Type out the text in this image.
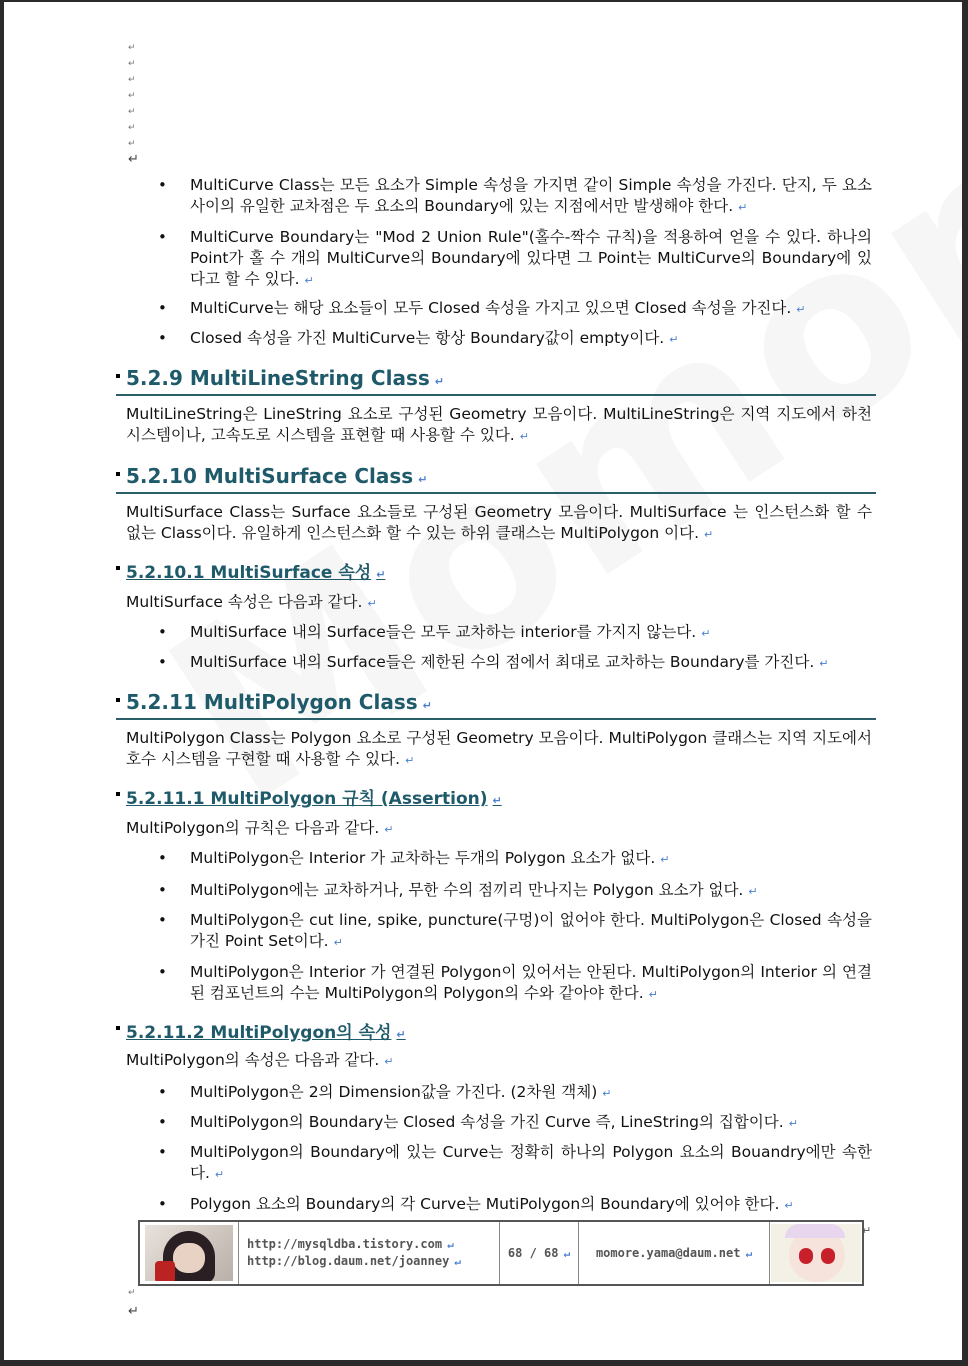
↵
↵
↵
↵
↵
↵
↵
↵
• MultiCurve Class는 모든 요소가 Simple 속성을 가지면 같이 Simple 속성을 가진다. 단지, 두 요소 사이의 유일한 교차점은 두 요소의 Boundary에 있는 지점에서만 발생해야 한다. ↵
• MultiCurve Boundary는 "Mod 2 Union Rule"(홀수-짝수 규칙)을 적용하여 얻을 수 있다. 하나의 Point가 홀 수 개의 MultiCurve의 Boundary에 있다면 그 Point는 MultiCurve의 Boundary에 있다고 할 수 있다. ↵
• MultiCurve는 해당 요소들이 모두 Closed 속성을 가지고 있으면 Closed 속성을 가진다. ↵
• Closed 속성을 가진 MultiCurve는 항상 Boundary값이 empty이다. ↵
5.2.9 MultiLineString Class ↵
MultiLineString은 LineString 요소로 구성된 Geometry 모음이다. MultiLineString은 지역 지도에서 하천 시스템이나, 고속도로 시스템을 표현할 때 사용할 수 있다. ↵
5.2.10 MultiSurface Class ↵
MultiSurface Class는 Surface 요소들로 구성된 Geometry 모음이다. MultiSurface 는 인스턴스화 할 수 없는 Class이다. 유일하게 인스턴스화 할 수 있는 하위 클래스는 MultiPolygon 이다. ↵
5.2.10.1 MultiSurface 속성 ↵
MultiSurface 속성은 다음과 같다. ↵
• MultiSurface 내의 Surface들은 모두 교차하는 interior를 가지지 않는다. ↵
• MultiSurface 내의 Surface들은 제한된 수의 점에서 최대로 교차하는 Boundary를 가진다. ↵
5.2.11 MultiPolygon Class ↵
MultiPolygon Class는 Polygon 요소로 구성된 Geometry 모음이다. MultiPolygon 클래스는 지역 지도에서 호수 시스템을 구현할 때 사용할 수 있다. ↵
5.2.11.1 MultiPolygon 규칙 (Assertion) ↵
MultiPolygon의 규칙은 다음과 같다. ↵
• MultiPolygon은 Interior 가 교차하는 두개의 Polygon 요소가 없다. ↵
• MultiPolygon에는 교차하거나, 무한 수의 점끼리 만나지는 Polygon 요소가 없다. ↵
• MultiPolygon은 cut line, spike, puncture(구멍)이 없어야 한다. MultiPolygon은 Closed 속성을 가진 Point Set이다. ↵
• MultiPolygon은 Interior 가 연결된 Polygon이 있어서는 안된다. MultiPolygon의 Interior 의 연결된 컴포넌트의 수는 MultiPolygon의 Polygon의 수와 같아야 한다. ↵
5.2.11.2 MultiPolygon의 속성 ↵
MultiPolygon의 속성은 다음과 같다. ↵
• MultiPolygon은 2의 Dimension값을 가진다. (2차원 객체) ↵
• MultiPolygon의 Boundary는 Closed 속성을 가진 Curve 즉, LineString의 집합이다. ↵
• MultiPolygon의 Boundary에 있는 Curve는 정확히 하나의 Polygon 요소의 Bouandry에만 속한다. ↵
• Polygon 요소의 Boundary의 각 Curve는 MutiPolygon의 Boundary에 있어야 한다. ↵
http://mysqldba.tistory.com ↵
http://blog.daum.net/joanney ↵
68 / 68 ↵ momore.yama@daum.net ↵
↵
↵
↵
